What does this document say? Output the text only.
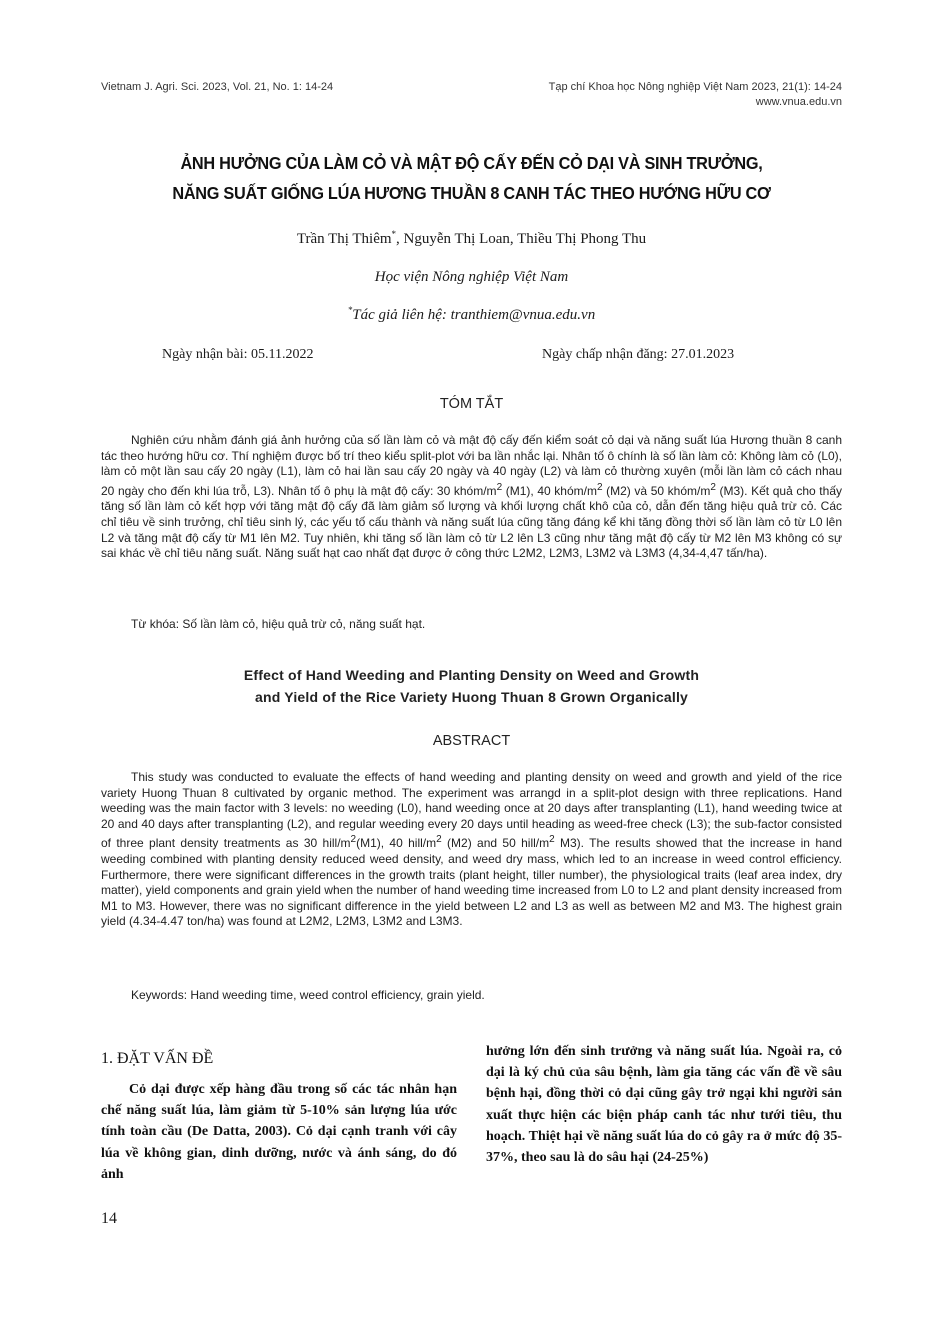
Vietnam J. Agri. Sci. 2023, Vol. 21, No. 1: 14-24	Tạp chí Khoa học Nông nghiệp Việt Nam 2023, 21(1): 14-24
www.vnua.edu.vn
ẢNH HƯỞNG CỦA LÀM CỎ VÀ MẬT ĐỘ CẤY ĐẾN CỎ DẠI VÀ SINH TRƯỞNG,
NĂNG SUẤT GIỐNG LÚA HƯƠNG THUẦN 8 CANH TÁC THEO HƯỚNG HỮU CƠ
Trần Thị Thiêm*, Nguyễn Thị Loan, Thiều Thị Phong Thu
Học viện Nông nghiệp Việt Nam
*Tác giả liên hệ: tranthiem@vnua.edu.vn
Ngày nhận bài: 05.11.2022	Ngày chấp nhận đăng: 27.01.2023
TÓM TẮT

Nghiên cứu nhằm đánh giá ảnh hưởng của số lần làm cỏ và mật độ cấy đến kiểm soát cỏ dại và năng suất lúa Hương thuần 8 canh tác theo hướng hữu cơ. Thí nghiệm được bố trí theo kiểu split-plot với ba lần nhắc lại. Nhân tố ô chính là số lần làm cỏ: Không làm cỏ (L0), làm cỏ một lần sau cấy 20 ngày (L1), làm cỏ hai lần sau cấy 20 ngày và 40 ngày (L2) và làm cỏ thường xuyên (mỗi lần làm cỏ cách nhau 20 ngày cho đến khi lúa trỗ, L3). Nhân tố ô phụ là mật độ cấy: 30 khóm/$m^2$ (M1), 40 khóm/$m^2$ (M2) và 50 khóm/$m^2$ (M3). Kết quả cho thấy tăng số lần làm cỏ kết hợp với tăng mật độ cấy đã làm giảm số lượng và khối lượng chất khô của cỏ, dẫn đến tăng hiệu quả trừ cỏ. Các chỉ tiêu về sinh trưởng, chỉ tiêu sinh lý, các yếu tố cấu thành và năng suất lúa cũng tăng đáng kể khi tăng đồng thời số lần làm cỏ từ L0 lên L2 và tăng mật độ cấy từ M1 lên M2. Tuy nhiên, khi tăng số lần làm cỏ từ L2 lên L3 cũng như tăng mật độ cấy từ M2 lên M3 không có sự sai khác về chỉ tiêu năng suất. Năng suất hạt cao nhất đạt được ở công thức L2M2, L2M3, L3M2 và L3M3 (4,34-4,47 tấn/ha).

Từ khóa: Số lần làm cỏ, hiệu quả trừ cỏ, năng suất hạt.
Effect of Hand Weeding and Planting Density on Weed and Growth
and Yield of the Rice Variety Huong Thuan 8 Grown Organically
ABSTRACT

This study was conducted to evaluate the effects of hand weeding and planting density on weed and growth and yield of the rice variety Huong Thuan 8 cultivated by organic method. The experiment was arrangd in a split-plot design with three replications. Hand weeding was the main factor with 3 levels: no weeding (L0), hand weeding once at 20 days after transplanting (L1), hand weeding twice at 20 and 40 days after transplanting (L2), and regular weeding every 20 days until heading as weed-free check (L3); the sub-factor consisted of three plant density treatments as 30 hill/$m^2(M1)$, 40 hill/$m^2$ (M2) and 50 hill/$m^2$ M3). The results showed that the increase in hand weeding combined with planting density reduced weed density, and weed dry mass, which led to an increase in weed control efficiency. Furthermore, there were significant differences in the growth traits (plant height, tiller number), the physiological traits (leaf area index, dry matter), yield components and grain yield when the number of hand weeding time increased from L0 to L2 and plant density increased from M1 to M3. However, there was no significant difference in the yield between L2 and L3 as well as between M2 and M3. The highest grain yield (4.34-4.47 ton/ha) was found at L2M2, L2M3, L3M2 and L3M3.

Keywords: Hand weeding time, weed control efficiency, grain yield.
1. ĐẶT VẤN ĐỀ

Cỏ dại được xếp hàng đầu trong số các tác nhân hạn chế năng suất lúa, làm giảm từ 5-10% sản lượng lúa ước tính toàn cầu (De Datta, 2003). Cỏ dại cạnh tranh với cây lúa về không gian, dinh dưỡng, nước và ánh sáng, do đó ảnh

hưởng lớn đến sinh trưởng và năng suất lúa. Ngoài ra, cỏ dại là ký chủ của sâu bệnh, làm gia tăng các vấn đề về sâu bệnh hại, đồng thời cỏ dại cũng gây trở ngại khi người sản xuất thực hiện các biện pháp canh tác như tưới tiêu, thu hoạch. Thiệt hại về năng suất lúa do cỏ gây ra ở mức độ 35-37%, theo sau là do sâu hại (24-25%)

14
